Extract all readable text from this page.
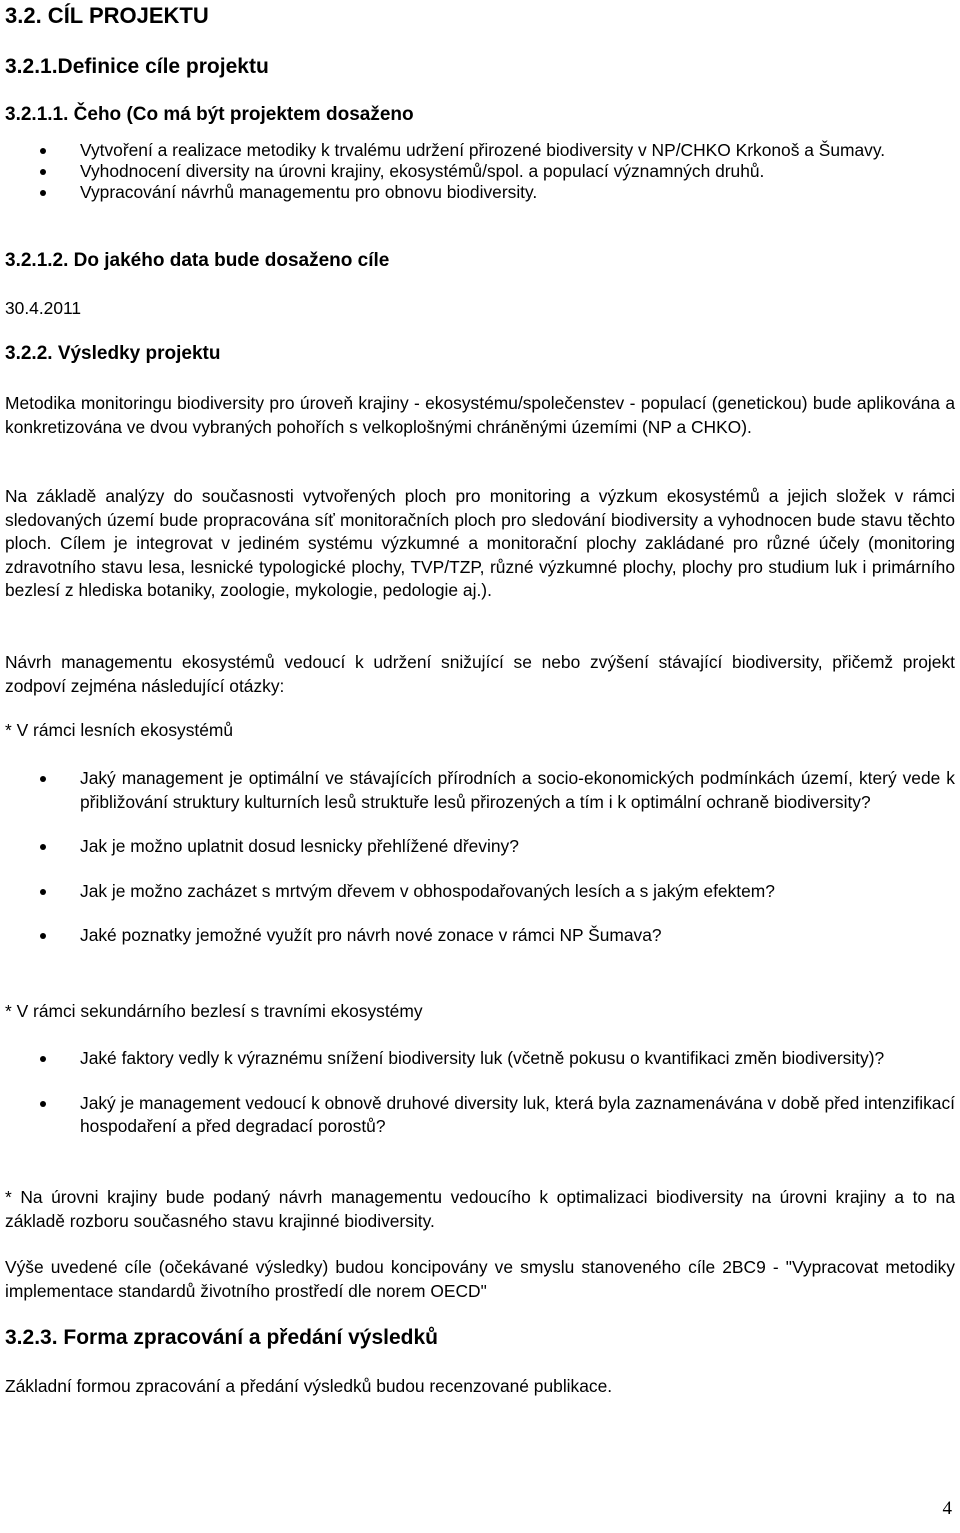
3.2. CÍL PROJEKTU
3.2.1.Definice cíle projektu
3.2.1.1. Čeho (Co má být projektem dosaženo
Vytvoření a realizace metodiky k trvalému udržení přirozené biodiversity v NP/CHKO Krkonoš a Šumavy.
Vyhodnocení diversity na úrovni krajiny, ekosystémů/spol. a populací významných druhů.
Vypracování návrhů managementu pro obnovu biodiversity.
3.2.1.2. Do jakého data bude dosaženo cíle
30.4.2011
3.2.2. Výsledky projektu

Metodika monitoringu biodiversity pro úroveň krajiny - ekosystému/společenstev - populací (genetickou) bude aplikována a konkretizována ve dvou vybraných pohořích s velkoplošnými chráněnými územími (NP a CHKO).

Na základě analýzy do současnosti vytvořených ploch pro monitoring a výzkum ekosystémů a jejich složek v rámci sledovaných území bude propracována síť monitoračních ploch pro sledování biodiversity a vyhodnocen bude stavu těchto ploch. Cílem je integrovat v jediném systému výzkumné a monitorační plochy zakládané pro různé účely (monitoring zdravotního stavu lesa, lesnické typologické plochy, TVP/TZP, různé výzkumné plochy, plochy pro studium luk i primárního bezlesí z hlediska botaniky, zoologie, mykologie, pedologie aj.).

Návrh managementu ekosystémů vedoucí k udržení snižující se nebo zvýšení stávající biodiversity, přičemž projekt zodpoví zejména následující otázky:

* V rámci lesních ekosystémů
Jaký management je optimální ve stávajících přírodních a socio-ekonomických podmínkách území, který vede k přibližování struktury kulturních lesů struktuře lesů přirozených a tím i k optimální ochraně biodiversity?
Jak je možno uplatnit dosud lesnicky přehlížené dřeviny?
Jak je možno zacházet s mrtvým dřevem v obhospodařovaných lesích a s jakým efektem?
Jaké poznatky jemožné využít pro návrh nové zonace v rámci NP Šumava?
* V rámci sekundárního bezlesí s travními ekosystémy
Jaké faktory vedly k výraznému snížení biodiversity luk (včetně pokusu o kvantifikaci změn biodiversity)?
Jaký je management vedoucí k obnově druhové diversity luk, která byla zaznamenávána v době před intenzifikací hospodaření a před degradací porostů?

* Na úrovni krajiny bude podaný návrh managementu vedoucího k optimalizaci biodiversity na úrovni krajiny a to na základě rozboru současného stavu krajinné biodiversity.

Výše uvedené cíle (očekávané výsledky) budou koncipovány ve smyslu stanoveného cíle 2BC9 - "Vypracovat metodiky implementace standardů životního prostředí dle norem OECD"

3.2.3. Forma zpracování a předání výsledků

Základní formou zpracování a předání výsledků budou recenzované publikace.

4
